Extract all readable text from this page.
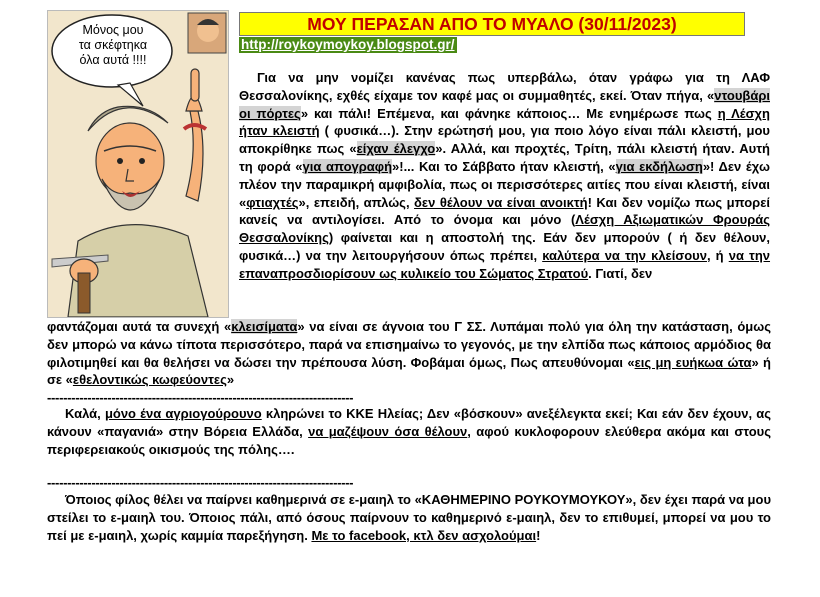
Μόνος μου
τα σκέφτηκα
όλα αυτά !!!!
ΜΟΥ ΠΕΡΑΣΑΝ ΑΠΟ ΤΟ ΜΥΑΛΟ (30/11/2023)
http://roykoymoykoy.blogspot.gr/
Για να μην νομίζει κανένας πως υπερβάλω, όταν γράφω για τη ΛΑΦ Θεσσαλονίκης, εχθές είχαμε τον καφέ μας οι συμμαθητές, εκεί. Όταν πήγα, «ντουβάρι οι πόρτες» και πάλι! Επέμενα, και φάνηκε κάποιος… Με ενημέρωσε πως η Λέσχη ήταν κλειστή ( φυσικά…). Στην ερώτησή μου, για ποιο λόγο είναι πάλι κλειστή, μου αποκρίθηκε πως «είχαν έλεγχο». Αλλά, και προχτές, Τρίτη, πάλι κλειστή ήταν. Αυτή τη φορά «για απογραφή»!... Και το Σάββατο ήταν κλειστή, «για εκδήλωση»! Δεν έχω πλέον την παραμικρή αμφιβολία, πως οι περισσότερες αιτίες που είναι κλειστή, είναι «φτιαχτές», επειδή, απλώς, δεν θέλουν να είναι ανοικτή! Και δεν νομίζω πως μπορεί κανείς να αντιλογίσει. Από το όνομα και μόνο (Λέσχη Αξιωματικών Φρουράς Θεσσαλονίκης) φαίνεται και η αποστολή της. Εάν δεν μπορούν ( ή δεν θέλουν, φυσικά…) να την λειτουργήσουν όπως πρέπει, καλύτερα να την κλείσουν, ή να την επαναπροσδιορίσουν ως κυλικείο του Σώματος Στρατού. Γιατί, δεν
φαντάζομαι αυτά τα συνεχή «κλεισίματα» να είναι σε άγνοια του Γ ΣΣ. Λυπάμαι πολύ για όλη την κατάσταση, όμως δεν μπορώ να κάνω τίποτα περισσότερο, παρά να επισημαίνω το γεγονός, με την ελπίδα πως κάποιος αρμόδιος θα φιλοτιμηθεί και θα θελήσει να δώσει την πρέπουσα λύση. Φοβάμαι όμως, Πως απευθύνομαι «εις μη ευήκωα ώτα» ή σε «εθελοντικώς κωφεύοντες»
----------------------------------------------------------------------------
Καλά, μόνο ένα αγριογούρουνο κληρώνει το ΚΚΕ Ηλείας; Δεν «βόσκουν» ανεξέλεγκτα εκεί; Και εάν δεν έχουν, ας κάνουν «παγανιά» στην Βόρεια Ελλάδα, να μαζέψουν όσα θέλουν, αφού κυκλοφορουν ελεύθερα ακόμα και στους περιφερειακούς οικισμούς της πόλης….
----------------------------------------------------------------------------
Όποιος φίλος θέλει να παίρνει καθημερινά σε ε-μαιηλ το «ΚΑΘΗΜΕΡΙΝΟ ΡΟΥΚΟΥΜΟΥΚΟΥ», δεν έχει παρά να μου στείλει το ε-μαιηλ του. Όποιος πάλι, από όσους παίρνουν το καθημερινό ε-μαιηλ, δεν το επιθυμεί, μπορεί να μου το πεί με ε-μαιηλ, χωρίς καμμία παρεξήγηση. Με το facebook, κτλ δεν ασχολούμαι!
